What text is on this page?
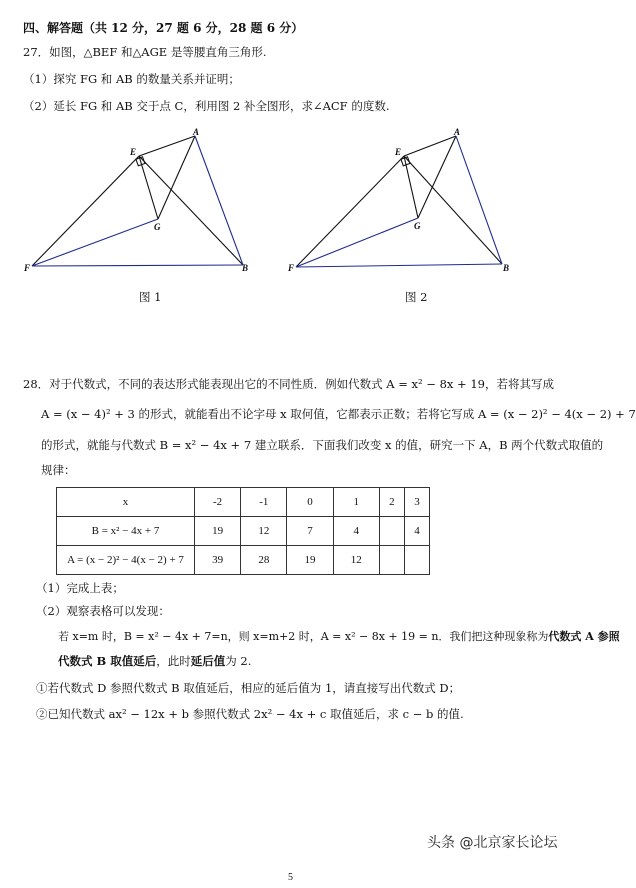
四、解答题（共 12 分，27 题 6 分，28 题 6 分）
27．如图，△BEF 和△AGE 是等腰直角三角形.
（1）探究 FG 和 AB 的数量关系并证明；
（2）延长 FG 和 AB 交于点 C，利用图 2 补全图形，求∠ACF 的度数.
A
E
G
F	B
图 1
A
E
G
F	B
图 2
28．对于代数式，不同的表达形式能表现出它的不同性质．例如代数式 A = x² − 8x + 19，若将其写成
A = (x − 4)² + 3 的形式，就能看出不论字母 x 取何值，它都表示正数；若将它写成 A = (x − 2)² − 4(x − 2) + 7
的形式，就能与代数式 B = x² − 4x + 7 建立联系．下面我们改变 x 的值，研究一下 A，B 两个代数式取值的
规律：
x	-2	-1	0	1	2	3
B = x² − 4x + 7	19	12	7	4		4
A = (x − 2)² − 4(x − 2) + 7	39	28	19	12		
（1）完成上表；
（2）观察表格可以发现：
若 x=m 时，B = x² − 4x + 7=n，则 x=m+2 时，A = x² − 8x + 19 = n．我们把这种现象称为代数式 A 参照
代数式 B 取值延后，此时延后值为 2.
①若代数式 D 参照代数式 B 取值延后，相应的延后值为 1，请直接写出代数式 D；
②已知代数式 ax² − 12x + b 参照代数式 2x² − 4x + c 取值延后，求 c − b 的值.
头条 @北京家长论坛
5
